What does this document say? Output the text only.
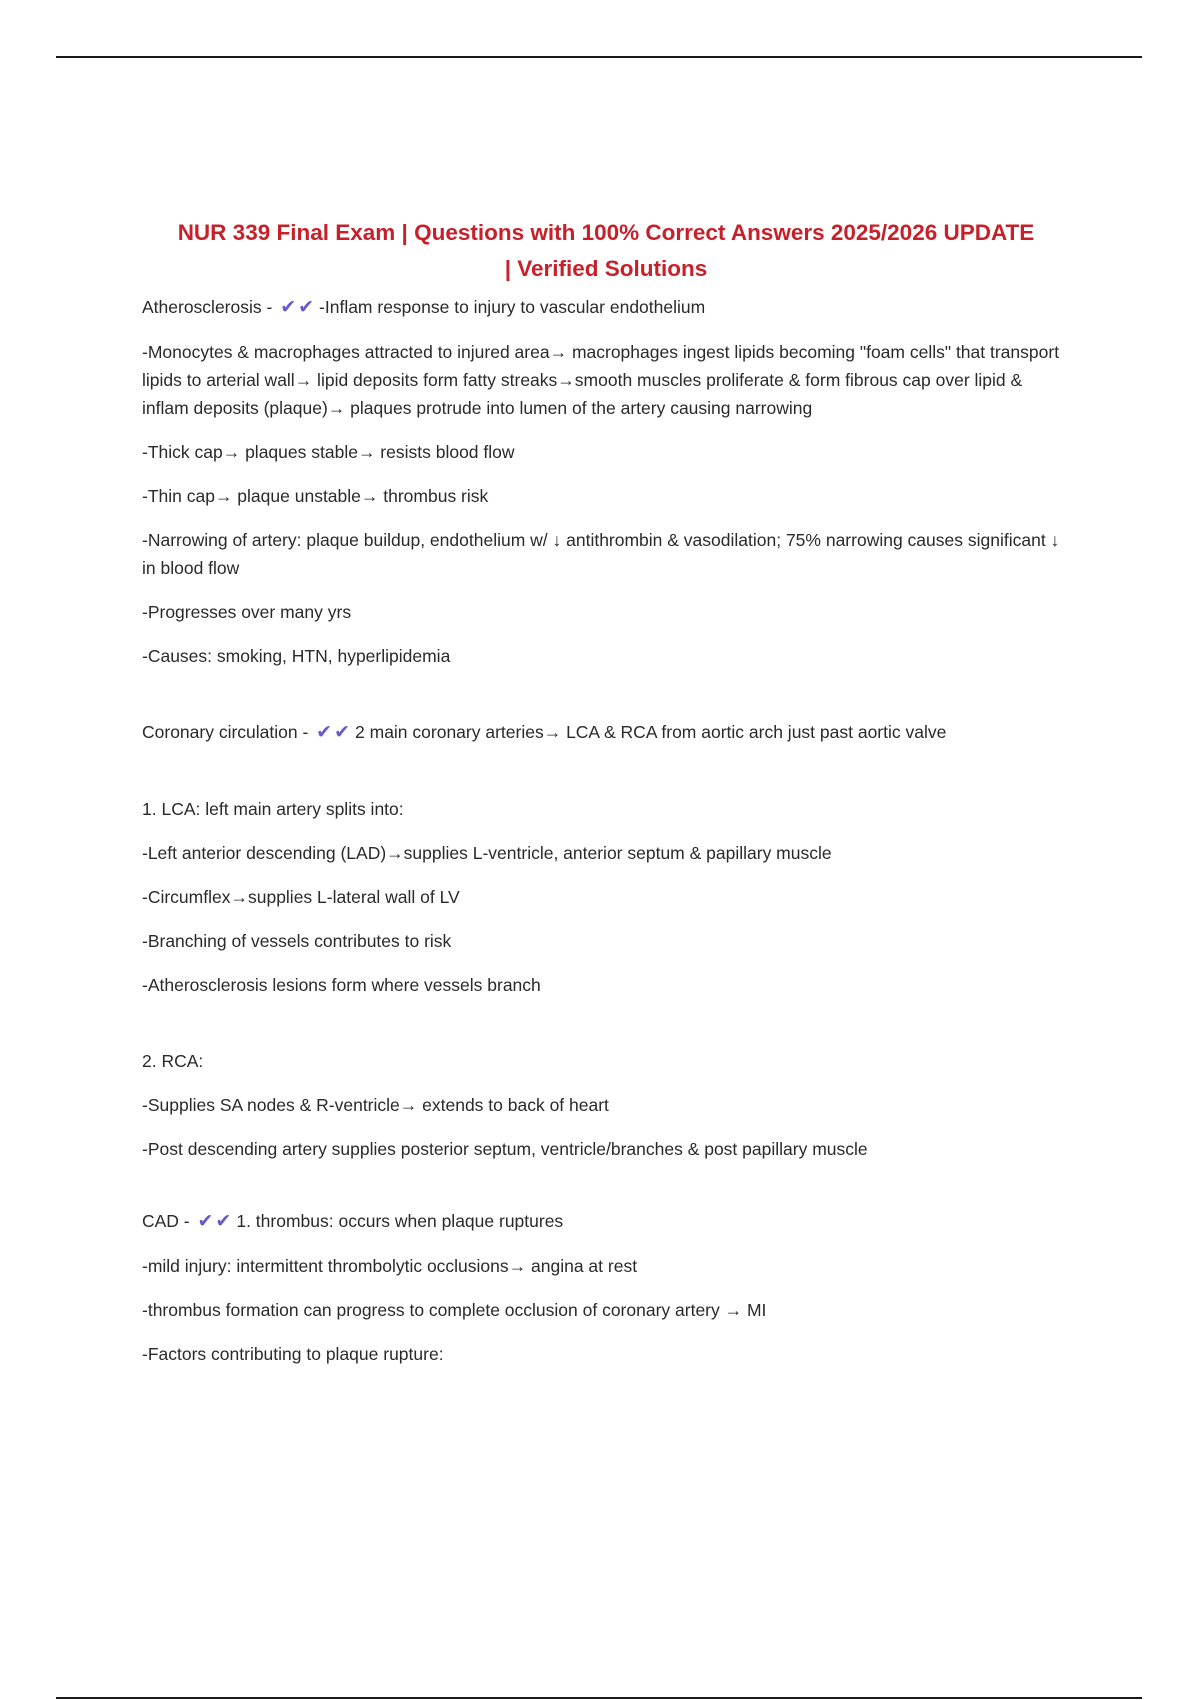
NUR 339 Final Exam | Questions with 100% Correct Answers 2025/2026 UPDATE
| Verified Solutions

Atherosclerosis - ✔✔ -Inflam response to injury to vascular endothelium

-Monocytes & macrophages attracted to injured area→ macrophages ingest lipids becoming "foam cells" that transport lipids to arterial wall→ lipid deposits form fatty streaks→smooth muscles proliferate & form fibrous cap over lipid & inflam deposits (plaque)→ plaques protrude into lumen of the artery causing narrowing

-Thick cap→ plaques stable→ resists blood flow

-Thin cap→ plaque unstable→ thrombus risk

-Narrowing of artery: plaque buildup, endothelium w/ ↓ antithrombin & vasodilation; 75% narrowing causes significant ↓ in blood flow

-Progresses over many yrs

-Causes: smoking, HTN, hyperlipidemia

Coronary circulation - ✔✔ 2 main coronary arteries→ LCA & RCA from aortic arch just past aortic valve

1. LCA: left main artery splits into:

-Left anterior descending (LAD)→supplies L-ventricle, anterior septum & papillary muscle

-Circumflex→supplies L-lateral wall of LV

-Branching of vessels contributes to risk

-Atherosclerosis lesions form where vessels branch

2. RCA:

-Supplies SA nodes & R-ventricle→ extends to back of heart

-Post descending artery supplies posterior septum, ventricle/branches & post papillary muscle

CAD - ✔✔ 1. thrombus: occurs when plaque ruptures

-mild injury: intermittent thrombolytic occlusions→ angina at rest

-thrombus formation can progress to complete occlusion of coronary artery → MI

-Factors contributing to plaque rupture:
